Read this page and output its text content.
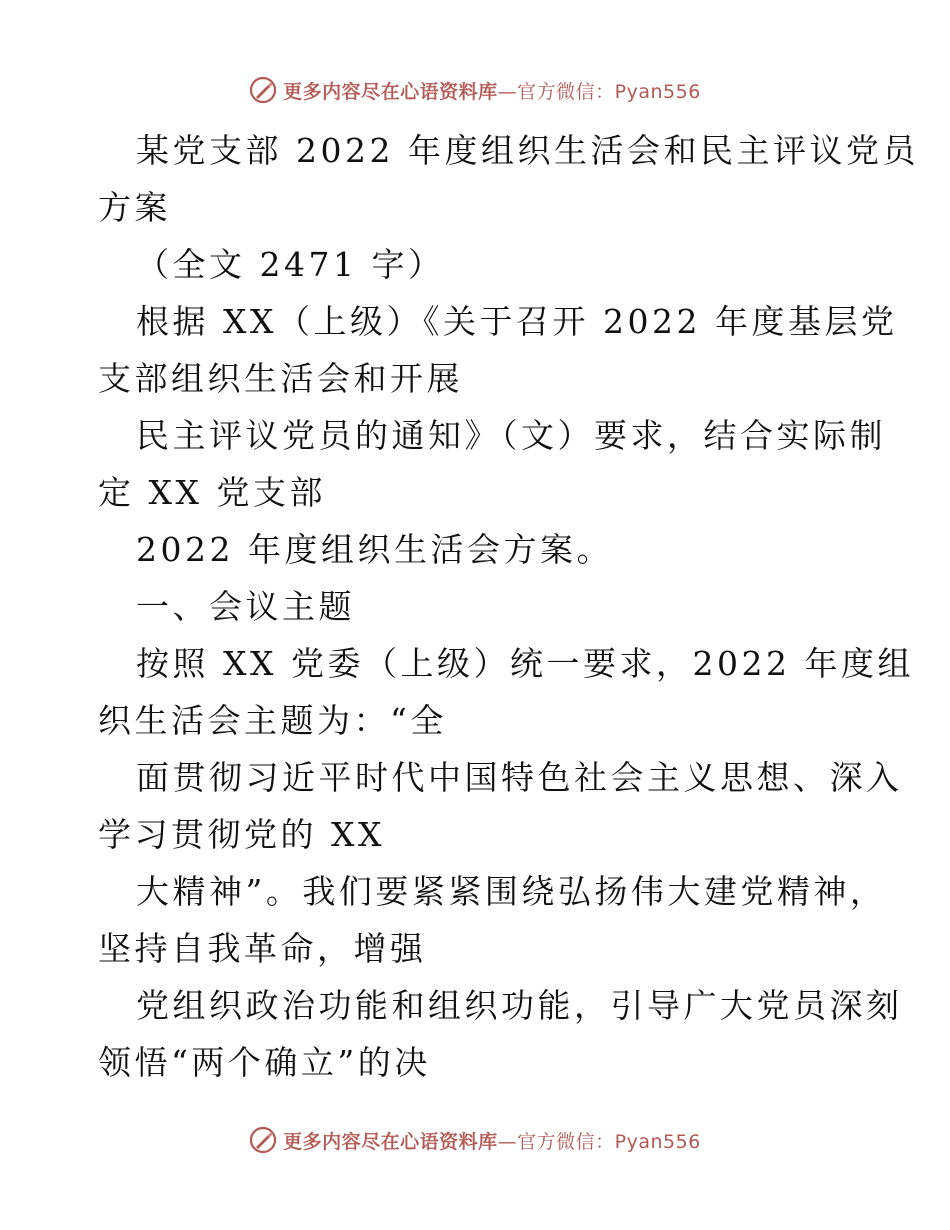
更多内容尽在心语资料库—官方微信：Pyan556

某党支部 2022 年度组织生活会和民主评议党员

方案

（全文 2471 字）

根据 XX（上级）《关于召开 2022 年度基层党

支部组织生活会和开展

民主评议党员的通知》（文）要求，结合实际制

定 XX 党支部

2022 年度组织生活会方案。

一、会议主题

按照 XX 党委（上级）统一要求，2022 年度组

织生活会主题为：“全

面贯彻习近平时代中国特色社会主义思想、深入

学习贯彻党的 XX

大精神”。我们要紧紧围绕弘扬伟大建党精神，

坚持自我革命，增强

党组织政治功能和组织功能，引导广大党员深刻

领悟“两个确立”的决

更多内容尽在心语资料库—官方微信：Pyan556
